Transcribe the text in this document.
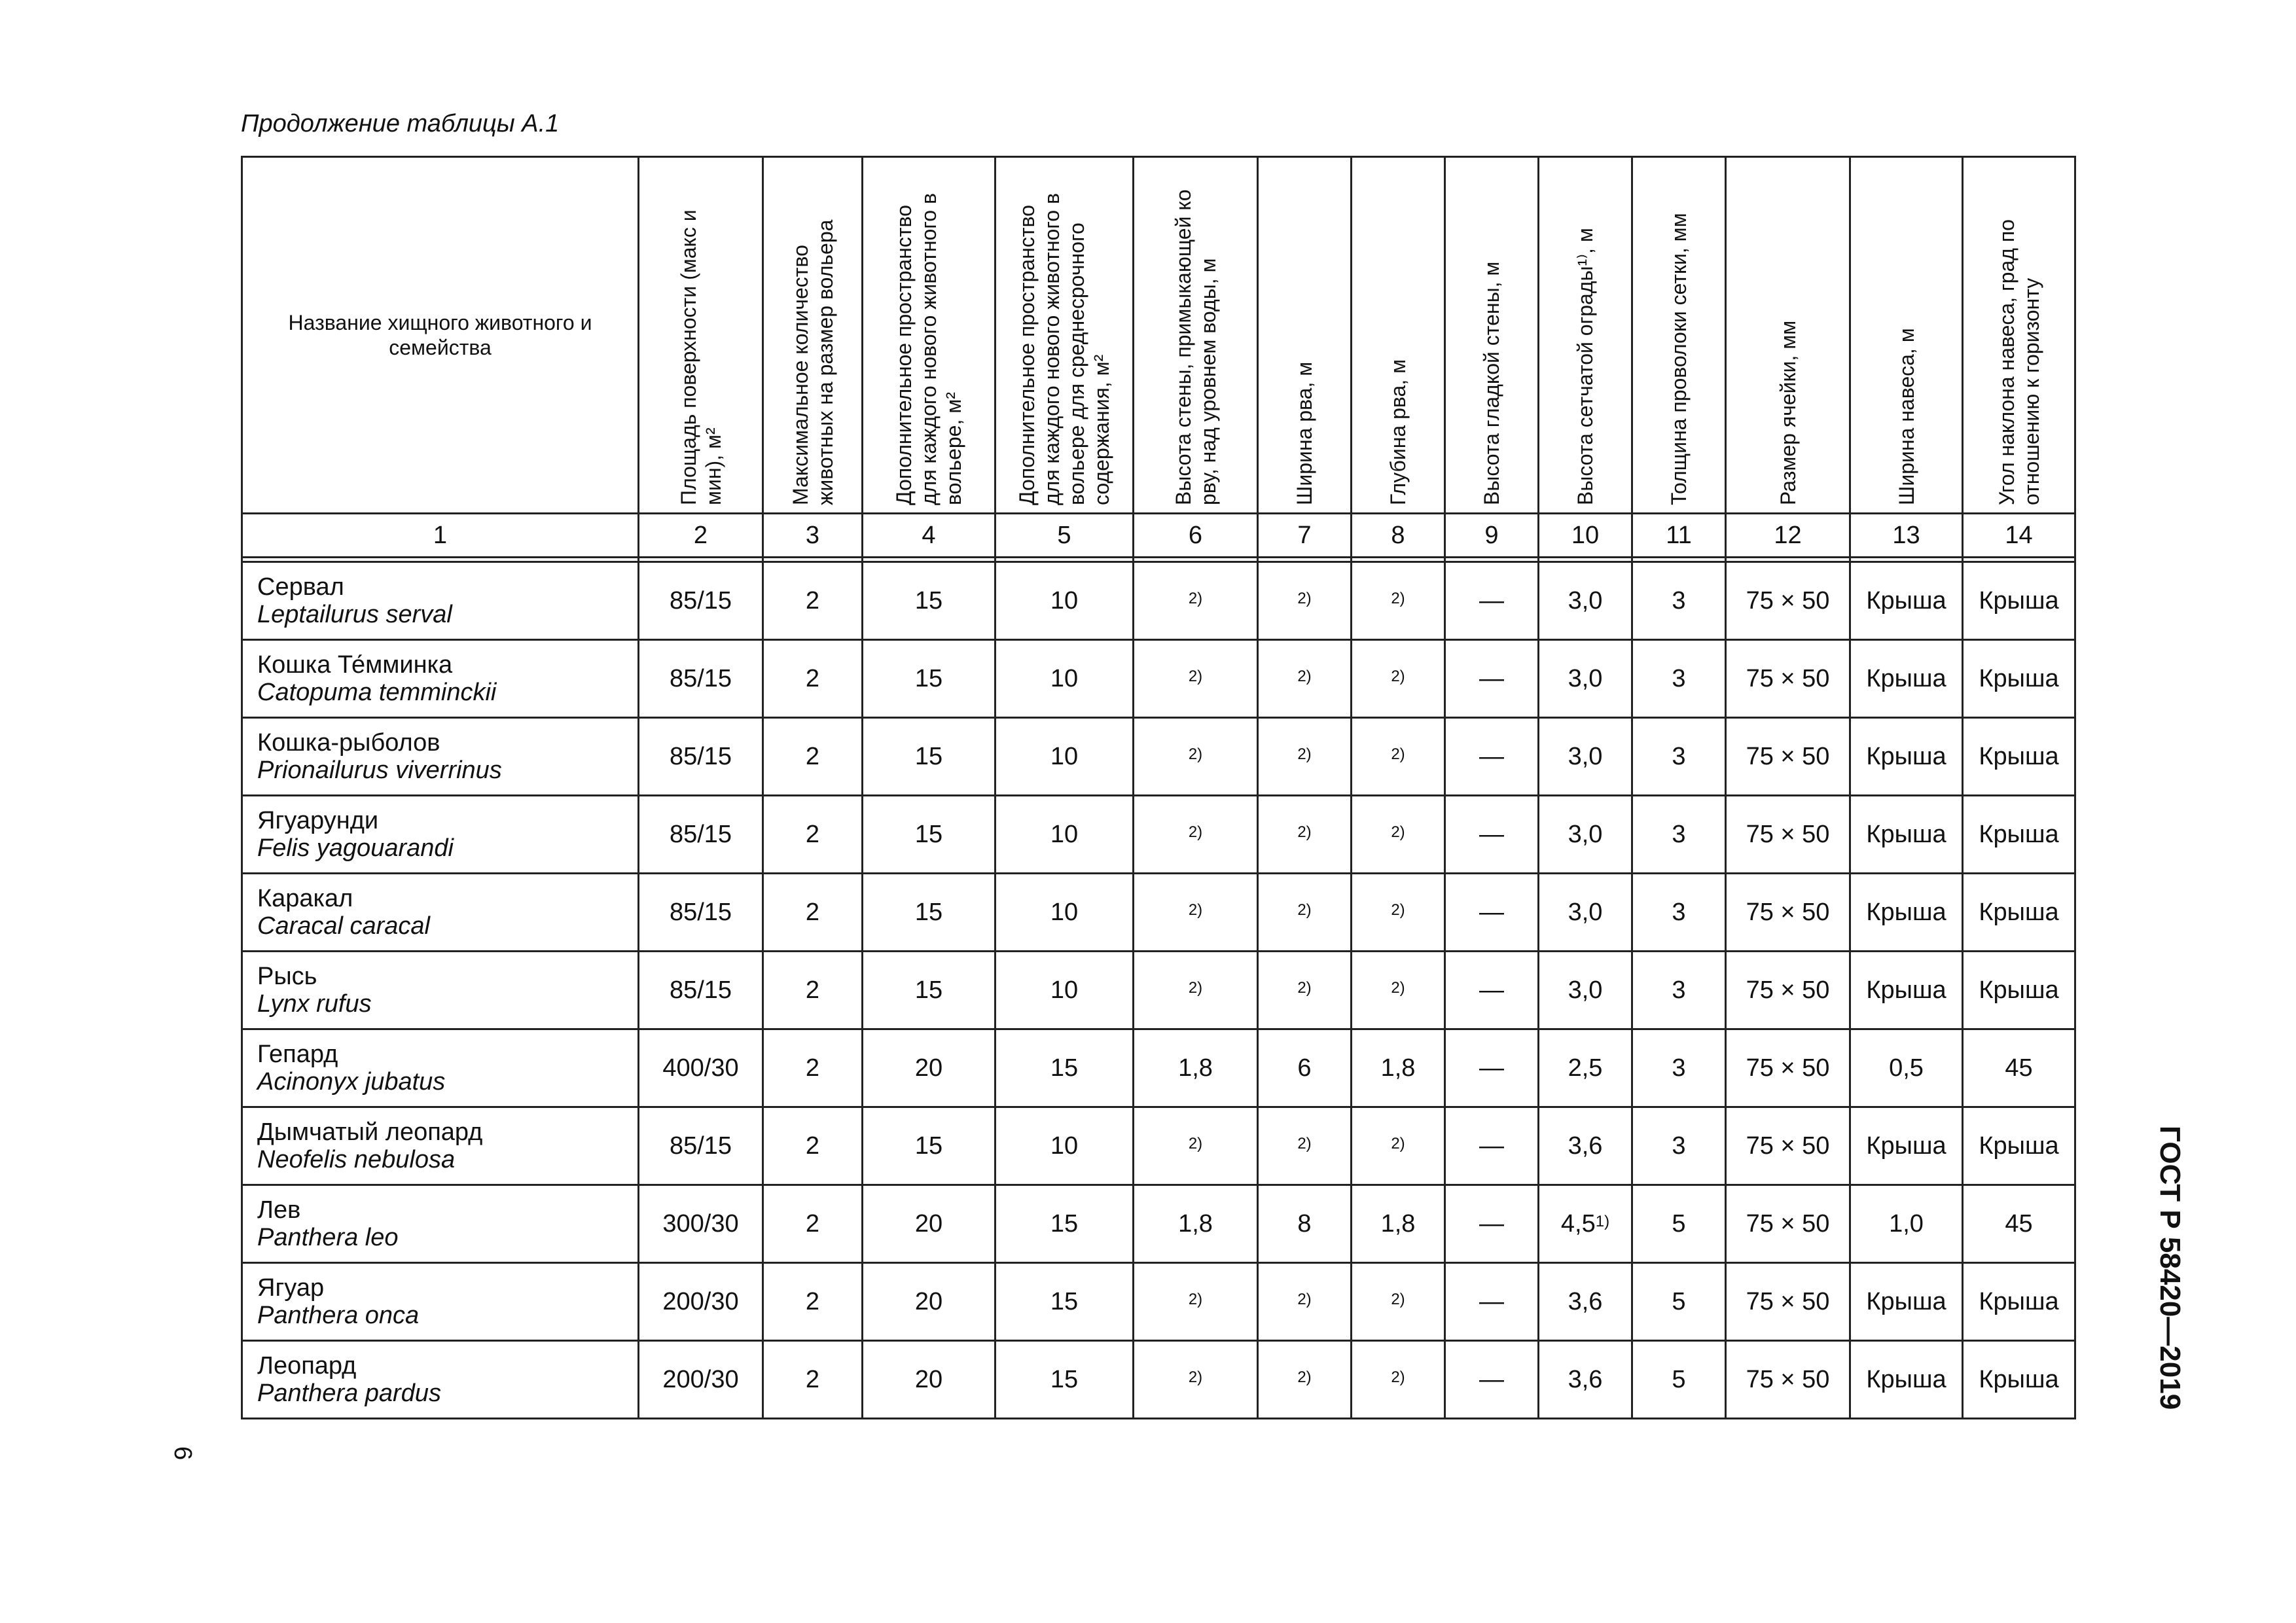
Продолжение таблицы А.1
Название хищного животного и семейства	Площадь поверхности (макс и мин), м²	Максимальное количество животных на размер вольера	Дополнительное пространство для каждого нового животного в вольере, м²	Дополнительное пространство для каждого нового животного в вольере для среднесрочного содержания, м²	Высота стены, примыкающей ко рву, над уровнем воды, м	Ширина рва, м	Глубина рва, м	Высота гладкой стены, м	Высота сетчатой ограды¹⁾, м	Толщина проволоки сетки, мм	Размер ячейки, мм	Ширина навеса, м	Угол наклона навеса, град по отношению к горизонту

1	2	3	4	5	6	7	8	9	10	11	12	13	14

Сервал
Leptailurus serval	85/15	2	15	10	$^{2)}$	$^{2)}$	$^{2)}$	—	3,0	3	75 × 50	Крыша	Крыша

Кошка Те́мминка
Catopuma temminckii	85/15	2	15	10	$^{2)}$	$^{2)}$	$^{2)}$	—	3,0	3	75 × 50	Крыша	Крыша

Кошка-рыболов
Prionailurus viverrinus	85/15	2	15	10	$^{2)}$	$^{2)}$	$^{2)}$	—	3,0	3	75 × 50	Крыша	Крыша

Ягуарунди
Felis yagouarandi	85/15	2	15	10	$^{2)}$	$^{2)}$	$^{2)}$	—	3,0	3	75 × 50	Крыша	Крыша

Каракал
Caracal caracal	85/15	2	15	10	$^{2)}$	$^{2)}$	$^{2)}$	—	3,0	3	75 × 50	Крыша	Крыша

Рысь
Lynx rufus	85/15	2	15	10	$^{2)}$	$^{2)}$	$^{2)}$	—	3,0	3	75 × 50	Крыша	Крыша

Гепард
Acinonyx jubatus	400/30	2	20	15	1,8	6	1,8	—	2,5	3	75 × 50	0,5	45

Дымчатый леопард
Neofelis nebulosa	85/15	2	15	10	$^{2)}$	$^{2)}$	$^{2)}$	—	3,6	3	75 × 50	Крыша	Крыша

Лев
Panthera leo	300/30	2	20	15	1,8	8	1,8	—	4,5$^{1)}$	5	75 × 50	1,0	45

Ягуар
Panthera onca	200/30	2	20	15	$^{2)}$	$^{2)}$	$^{2)}$	—	3,6	5	75 × 50	Крыша	Крыша

Леопард
Panthera pardus	200/30	2	20	15	$^{2)}$	$^{2)}$	$^{2)}$	—	3,6	5	75 × 50	Крыша	Крыша	ГОСТ Р 58420—2019
6
